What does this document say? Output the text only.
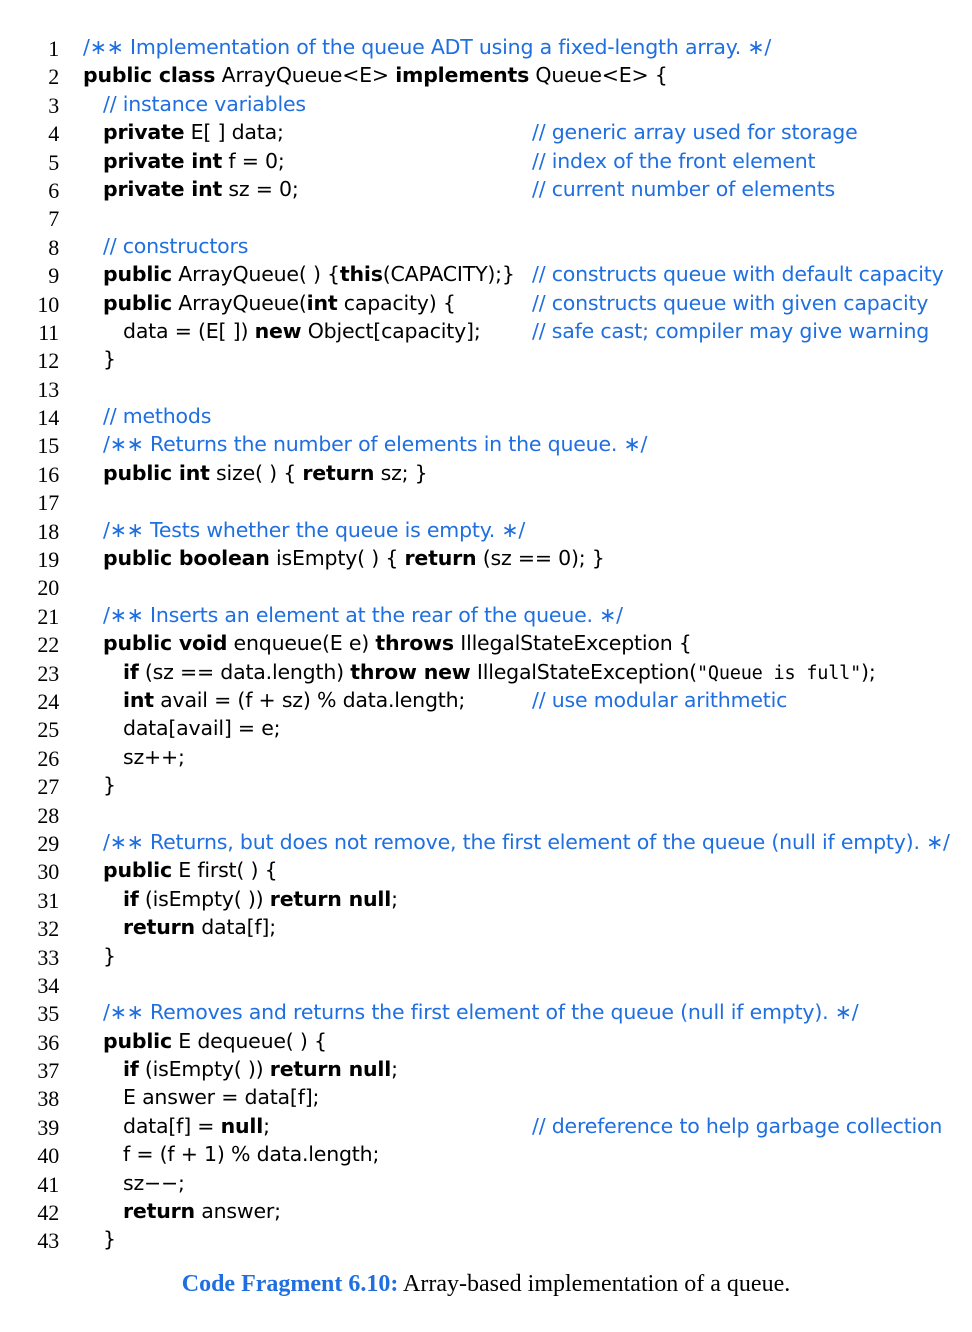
1 /∗∗ Implementation of the queue ADT using a fixed-length array. ∗/
2 public class ArrayQueue<E> implements Queue<E> {
3 // instance variables
4 private E[ ] data;	// generic array used for storage
5 private int f = 0;	// index of the front element
6 private int sz = 0;	// current number of elements
7
8 // constructors
9 public ArrayQueue( ) {this(CAPACITY);} // constructs queue with default capacity
10 public ArrayQueue(int capacity) {	// constructs queue with given capacity
11	data = (E[ ]) new Object[capacity];	// safe cast; compiler may give warning
12 }
13
14 // methods
15 /∗∗ Returns the number of elements in the queue. ∗/
16 public int size( ) { return sz; }
17
18 /∗∗ Tests whether the queue is empty. ∗/
19 public boolean isEmpty( ) { return (sz == 0); }
20
21 /∗∗ Inserts an element at the rear of the queue. ∗/
22 public void enqueue(E e) throws IllegalStateException {
23	if (sz == data.length) throw new IllegalStateException("Queue is full");
24	int avail = (f + sz) % data.length;	// use modular arithmetic
25	data[avail] = e;
26	sz++;
27 }
28
29 /∗∗ Returns, but does not remove, the first element of the queue (null if empty). ∗/
30 public E first( ) {
31	if (isEmpty( )) return null;
32	return data[f];
33 }
34
35 /∗∗ Removes and returns the first element of the queue (null if empty). ∗/
36 public E dequeue( ) {
37	if (isEmpty( )) return null;
38	E answer = data[f];
39	data[f] = null;	// dereference to help garbage collection
40	f = (f + 1) % data.length;
41	sz−−;
42	return answer;
43 }
Code Fragment 6.10: Array-based implementation of a queue.
